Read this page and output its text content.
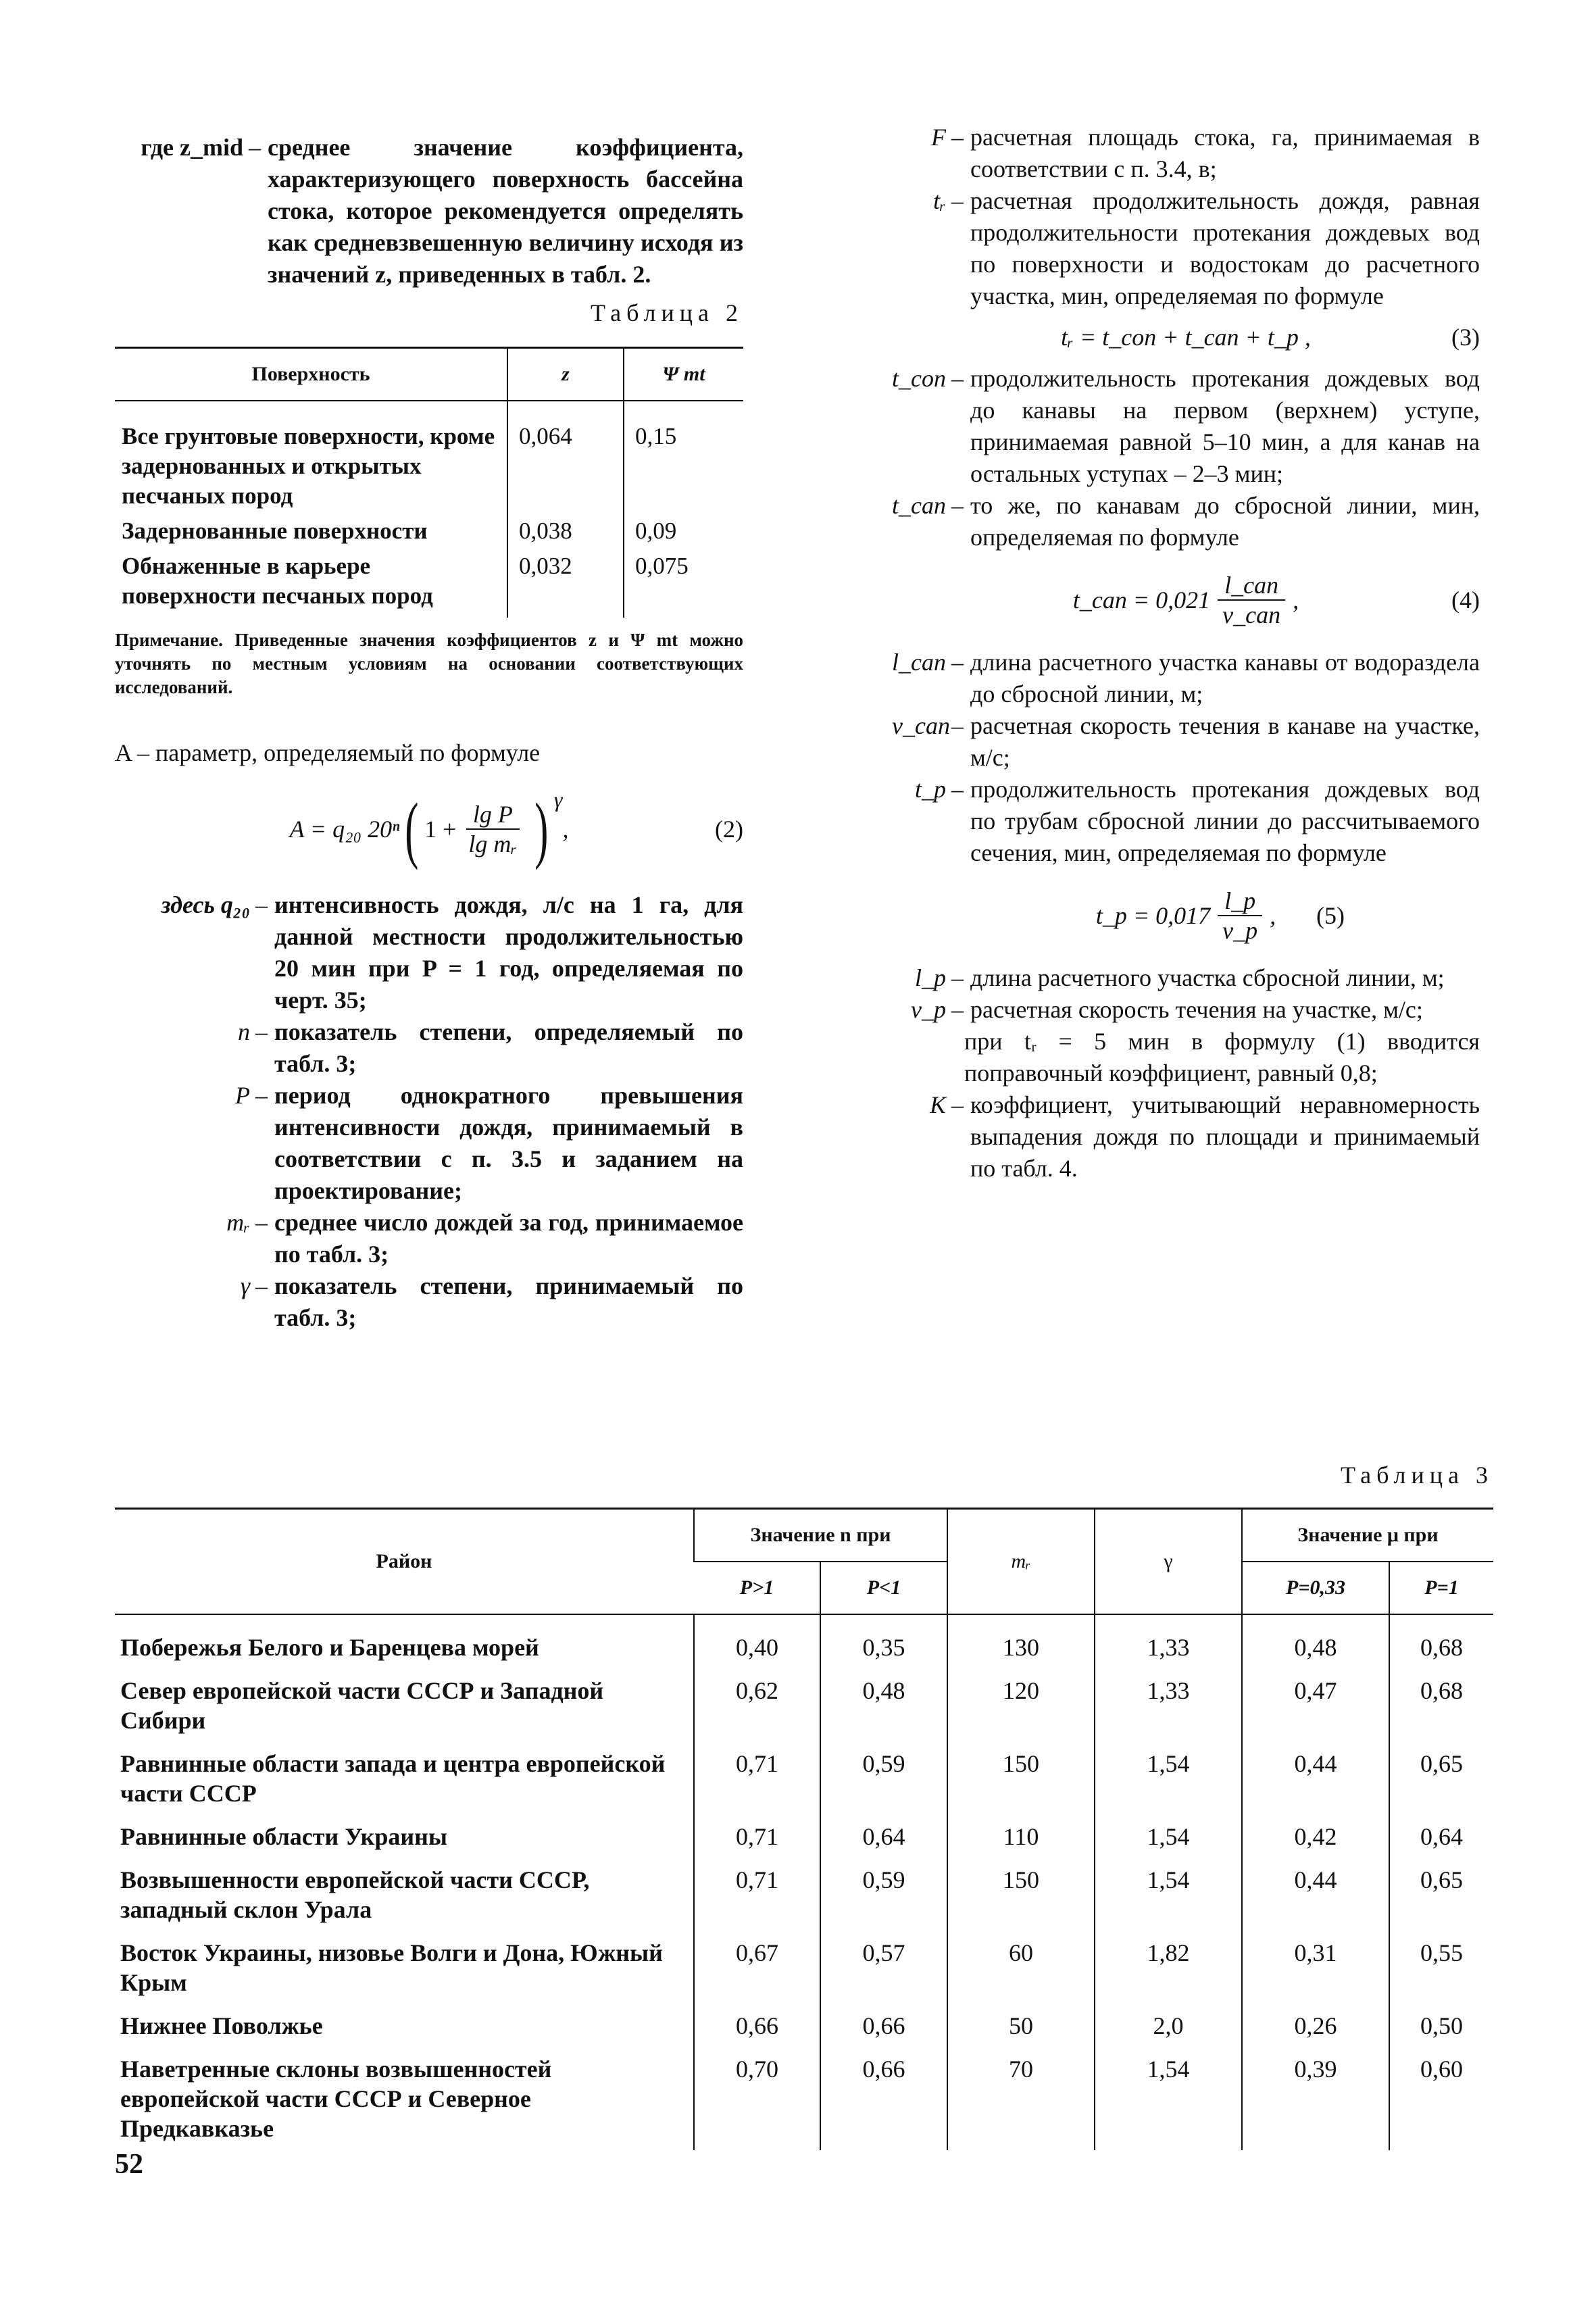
где z_mid – среднее значение коэффициента, характеризующего поверхность бассейна стока, которое рекомендуется определять как средневзвешенную величину исходя из значений z, приведенных в табл. 2.
Таблица 2
Поверхность	z	Ψ mt
Все грунтовые поверхности, кроме задернованных и открытых песчаных пород	0,064	0,15
Задернованные поверхности	0,038	0,09
Обнаженные в карьере поверхности песчаных пород	0,032	0,075
Примечание. Приведенные значения коэффициентов z и Ψ mt можно уточнять по местным условиям на основании соответствующих исследований.
A – параметр, определяемый по формуле
A = q₂₀ 20ⁿ ( $1 + \frac{\text{lg P}}{\text{lg mᵣ}}$ ) $^\gamma$
,	(2)
здесь q₂₀ – интенсивность дождя, л/с на 1 га, для данной местности продолжительностью 20 мин при P = 1 год, определяемая по черт. 35;
n – показатель степени, определяемый по табл. 3;
P – период однократного превышения интенсивности дождя, принимаемый в соответствии с п. 3.5 и заданием на проектирование;
mᵣ – среднее число дождей за год, принимаемое по табл. 3;
γ – показатель степени, принимаемый по табл. 3;
F – расчетная площадь стока, га, принимаемая в соответствии с п. 3.4, в;
tᵣ – расчетная продолжительность дождя, равная продолжительности протекания дождевых вод по поверхности и водостокам до расчетного участка, мин, определяемая по формуле
tᵣ = t_con + t_can + t_p ,	(3)
t_con – продолжительность протекания дождевых вод до канавы на первом (верхнем) уступе, принимаемая равной 5–10 мин, а для канав на остальных уступах – 2–3 мин;
t_can – то же, по канавам до сбросной линии, мин, определяемая по формуле
t_can = $0,021 \frac{\text{l\_can}}{\text{v\_can}}$ ,	(4)
l_can – длина расчетного участка канавы от водораздела до сбросной линии, м;
v_can – расчетная скорость течения в канаве на участке, м/с;
t_p – продолжительность протекания дождевых вод по трубам сбросной линии до рассчитываемого сечения, мин, определяемая по формуле
t_p = $0,017 \frac{l\_p}{v\_p}$ , (5)
l_p – длина расчетного участка сбросной линии, м;
v_p – расчетная скорость течения на участке, м/с;

при tᵣ = 5 мин в формулу (1) вводится поправочный коэффициент, равный 0,8;
K – коэффициент, учитывающий неравномерность выпадения дождя по площади и принимаемый по табл. 4.
Таблица 3
Район	Значение n при		mᵣ	γ	Значение μ при	
	P>1	P<1			P=0,33	P=1
Побережья Белого и Баренцева морей	0,40	0,35	130	1,33	0,48	0,68
Север европейской части СССР и Западной Сибири	0,62	0,48	120	1,33	0,47	0,68
Равнинные области запада и центра европейской части СССР	0,71	0,59	150	1,54	0,44	0,65
Равнинные области Украины	0,71	0,64	110	1,54	0,42	0,64
Возвышенности европейской части СССР, западный склон Урала	0,71	0,59	150	1,54	0,44	0,65
Восток Украины, низовье Волги и Дона, Южный Крым	0,67	0,57	60	1,82	0,31	0,55
Нижнее Поволжье	0,66	0,66	50	2,0	0,26	0,50
Наветренные склоны возвышенностей европейской части СССР и Северное Предкавказье	0,70	0,66	70	1,54	0,39	0,60
52
